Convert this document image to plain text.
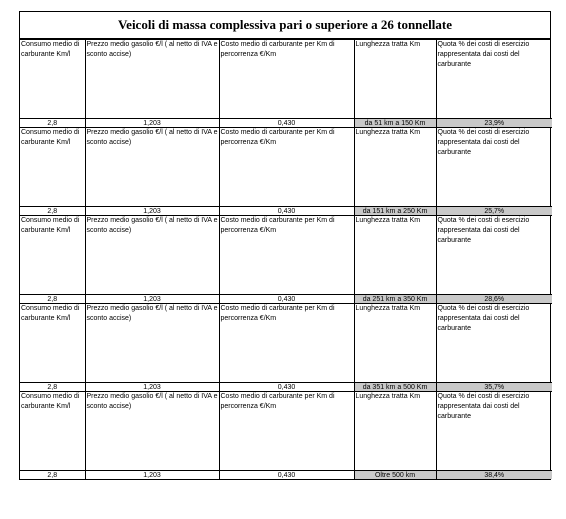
Veicoli di massa complessiva pari o superiore a 26 tonnellate
Consumo medio di carburante Km/l	Prezzo medio gasolio €/l ( al netto di IVA e sconto accise)	Costo medio di carburante per Km di percorrenza €/Km	Lunghezza tratta Km	Quota % dei costi di esercizio rappresentata dai costi del carburante
2,8	1,203	0,430	da 51 km a 150 Km	23,9%
Consumo medio di carburante Km/l	Prezzo medio gasolio €/l ( al netto di IVA e sconto accise)	Costo medio di carburante per Km di percorrenza €/Km	Lunghezza tratta Km	Quota % dei costi di esercizio rappresentata dai costi del carburante
2,8	1,203	0,430	da 151 km a 250 Km	25,7%
Consumo medio di carburante Km/l	Prezzo medio gasolio €/l ( al netto di IVA e sconto accise)	Costo medio di carburante per Km di percorrenza €/Km	Lunghezza tratta Km	Quota % dei costi di esercizio rappresentata dai costi del carburante
2,8	1,203	0,430	da 251 km a 350 Km	28,6%
Consumo medio di carburante Km/l	Prezzo medio gasolio €/l ( al netto di IVA e sconto accise)	Costo medio di carburante per Km di percorrenza €/Km	Lunghezza tratta Km	Quota % dei costi di esercizio rappresentata dai costi del carburante
2,8	1,203	0,430	da 351 km a 500 Km	35,7%
Consumo medio di carburante Km/l	Prezzo medio gasolio €/l ( al netto di IVA e sconto accise)	Costo medio di carburante per Km di percorrenza €/Km	Lunghezza tratta Km	Quota % dei costi di esercizio rappresentata dai costi del carburante
2,8	1,203	0,430	Oltre 500 km	38,4%
